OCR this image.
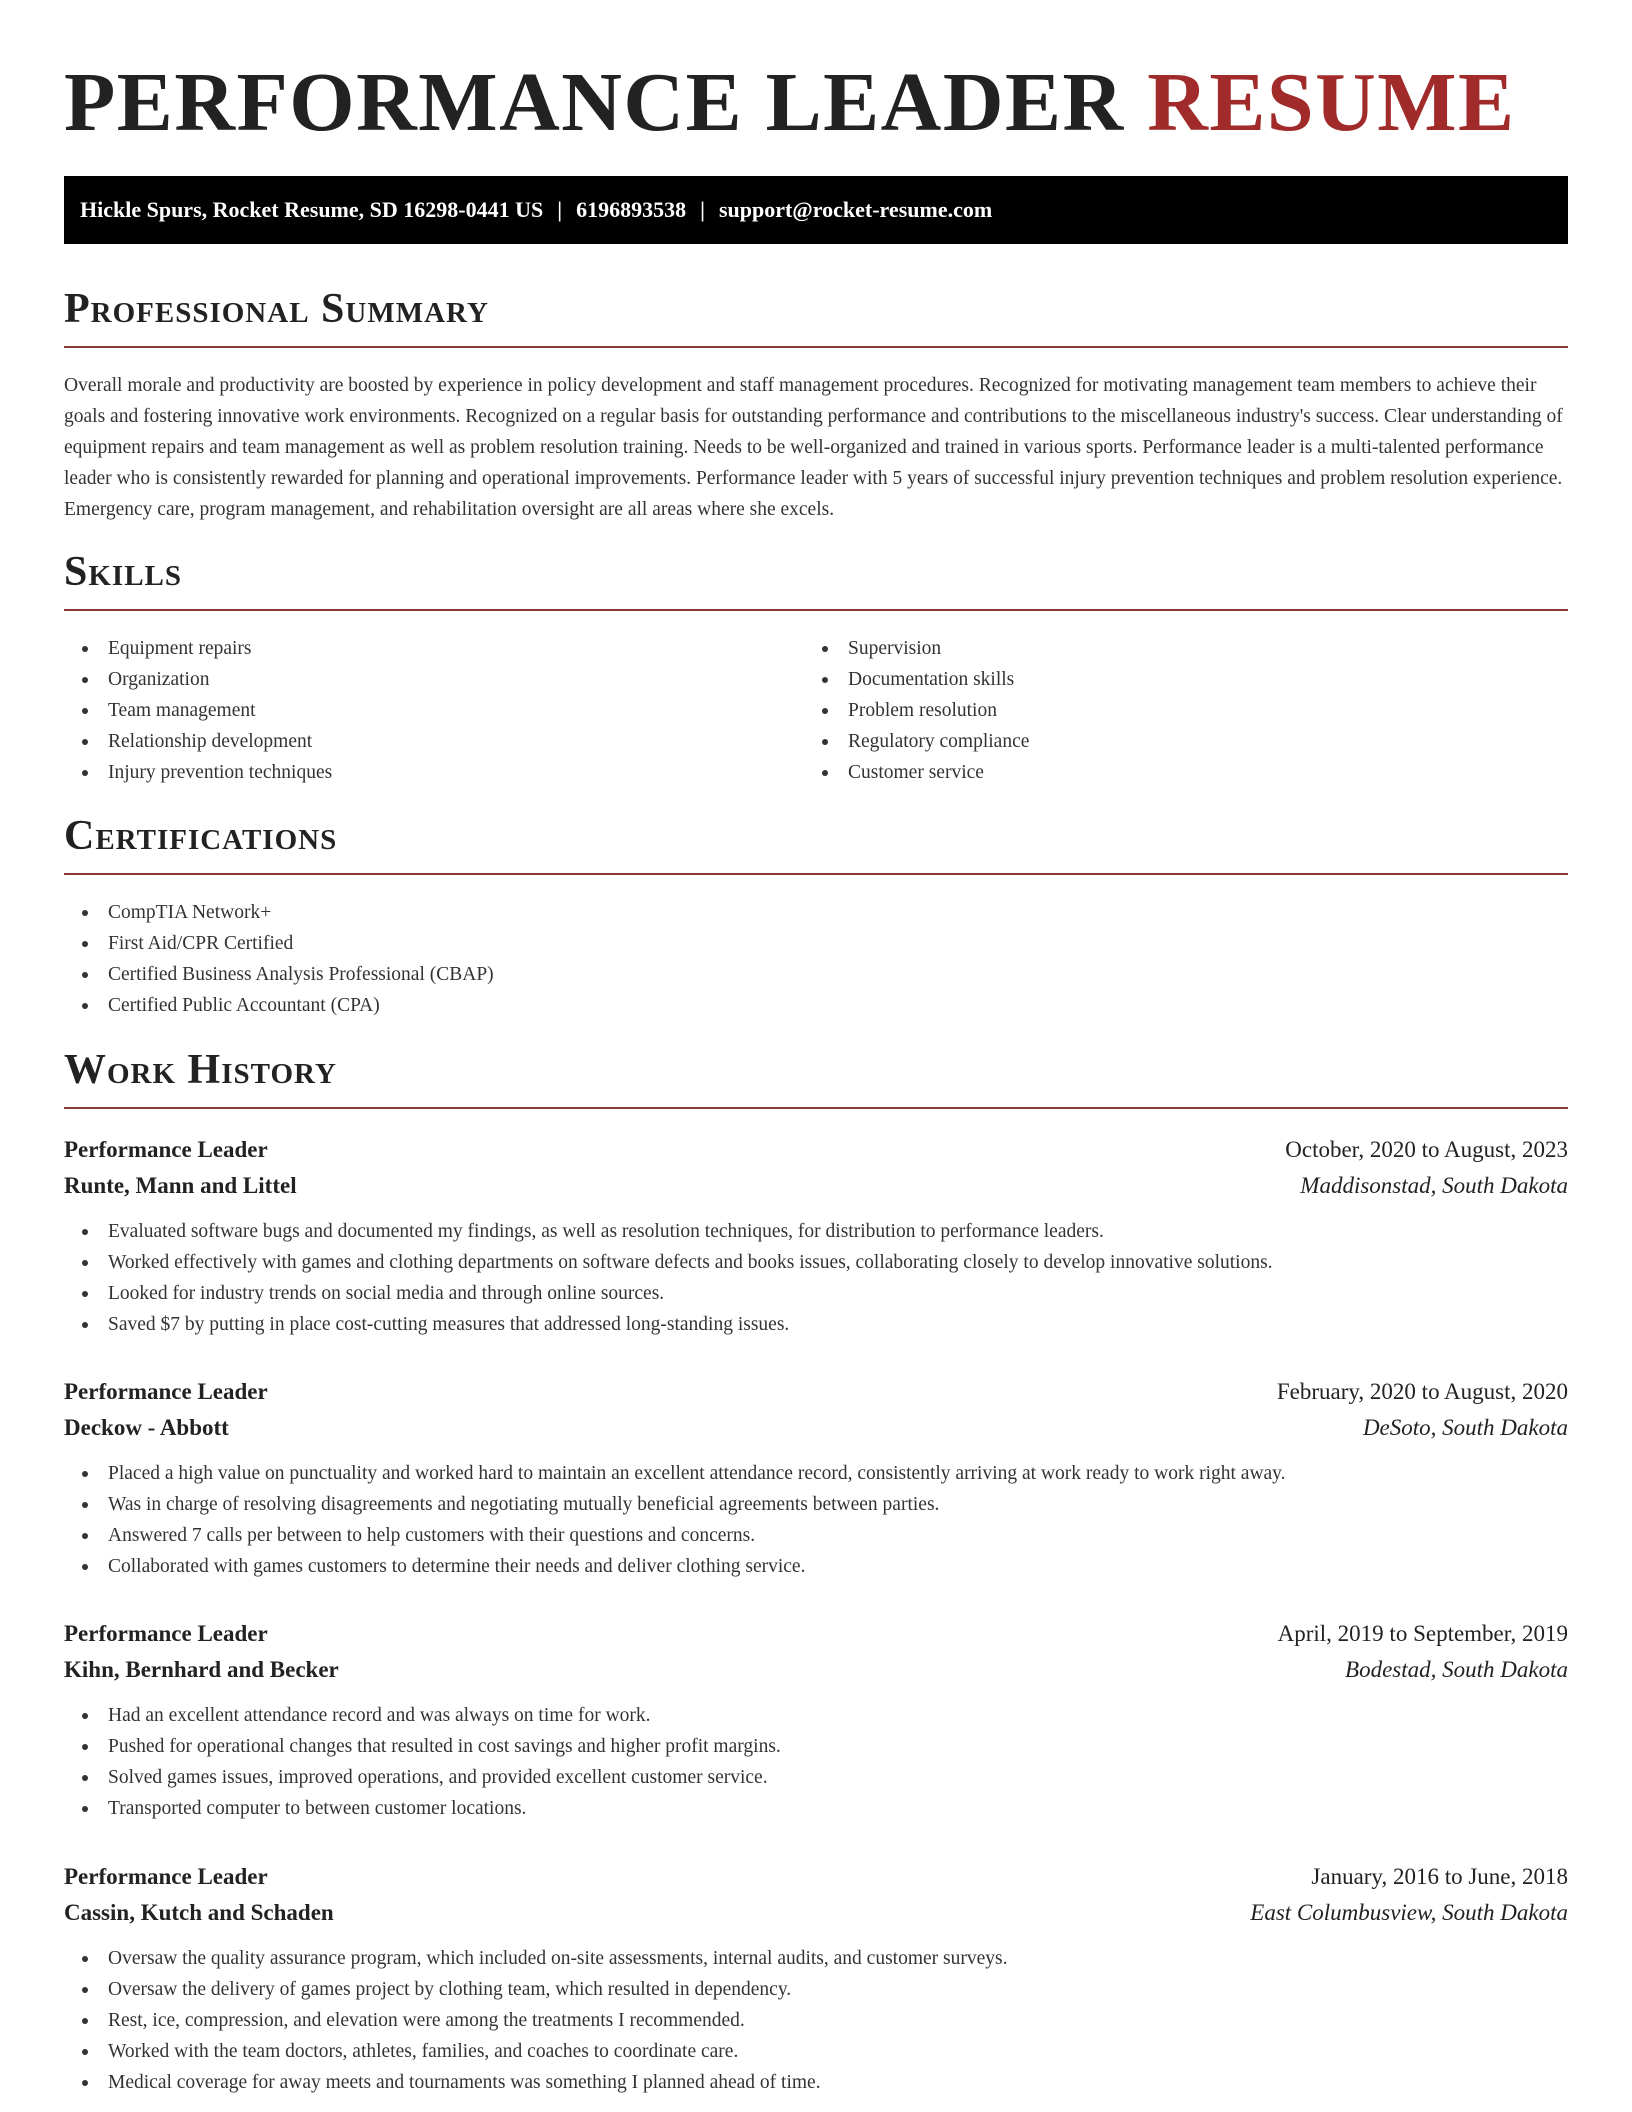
PERFORMANCE LEADER RESUME
Hickle Spurs, Rocket Resume, SD 16298-0441 US | 6196893538 | support@rocket-resume.com
Professional Summary

Overall morale and productivity are boosted by experience in policy development and staff management procedures. Recognized for motivating management team members to achieve their goals and fostering innovative work environments. Recognized on a regular basis for outstanding performance and contributions to the miscellaneous industry's success. Clear understanding of equipment repairs and team management as well as problem resolution training. Needs to be well-organized and trained in various sports. Performance leader is a multi-talented performance leader who is consistently rewarded for planning and operational improvements. Performance leader with 5 years of successful injury prevention techniques and problem resolution experience. Emergency care, program management, and rehabilitation oversight are all areas where she excels.

Skills
Equipment repairs
Organization
Team management
Relationship development
Injury prevention techniques
Supervision
Documentation skills
Problem resolution
Regulatory compliance
Customer service
Certifications
CompTIA Network+
First Aid/CPR Certified
Certified Business Analysis Professional (CBAP)
Certified Public Accountant (CPA)
Work History
Performance Leader	October, 2020 to August, 2023
Runte, Mann and Littel	Maddisonstad, South Dakota
Evaluated software bugs and documented my findings, as well as resolution techniques, for distribution to performance leaders.
Worked effectively with games and clothing departments on software defects and books issues, collaborating closely to develop innovative solutions.
Looked for industry trends on social media and through online sources.
Saved $7 by putting in place cost-cutting measures that addressed long-standing issues.
Performance Leader	February, 2020 to August, 2020
Deckow - Abbott	DeSoto, South Dakota
Placed a high value on punctuality and worked hard to maintain an excellent attendance record, consistently arriving at work ready to work right away.
Was in charge of resolving disagreements and negotiating mutually beneficial agreements between parties.
Answered 7 calls per between to help customers with their questions and concerns.
Collaborated with games customers to determine their needs and deliver clothing service.
Performance Leader	April, 2019 to September, 2019
Kihn, Bernhard and Becker	Bodestad, South Dakota
Had an excellent attendance record and was always on time for work.
Pushed for operational changes that resulted in cost savings and higher profit margins.
Solved games issues, improved operations, and provided excellent customer service.
Transported computer to between customer locations.
Performance Leader	January, 2016 to June, 2018
Cassin, Kutch and Schaden	East Columbusview, South Dakota
Oversaw the quality assurance program, which included on-site assessments, internal audits, and customer surveys.
Oversaw the delivery of games project by clothing team, which resulted in dependency.
Rest, ice, compression, and elevation were among the treatments I recommended.
Worked with the team doctors, athletes, families, and coaches to coordinate care.
Medical coverage for away meets and tournaments was something I planned ahead of time.
